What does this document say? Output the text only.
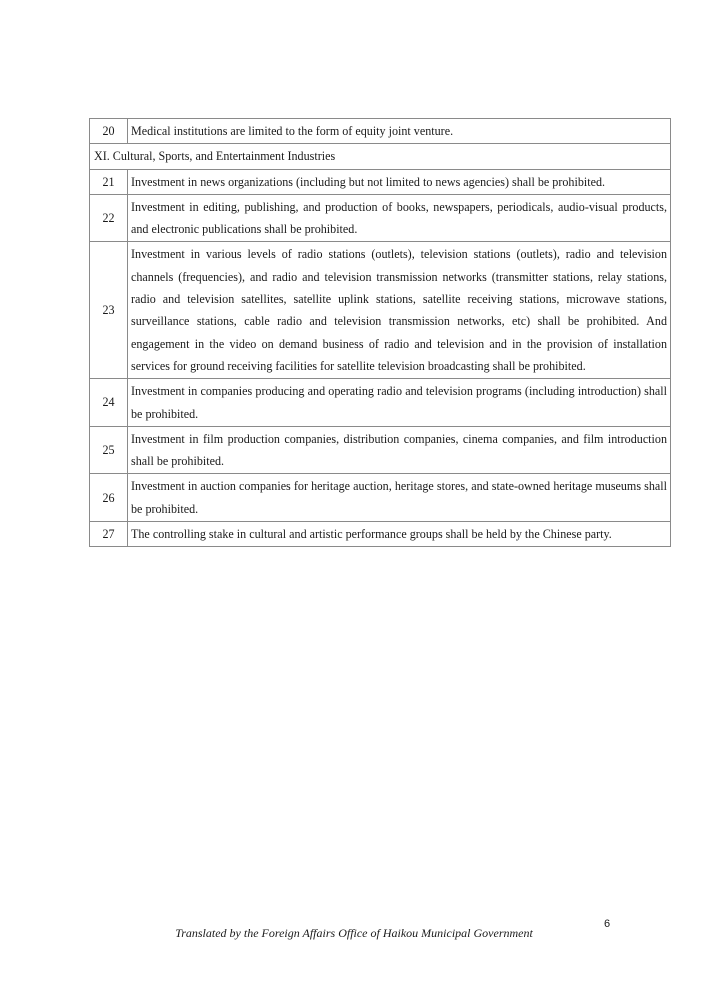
20	Medical institutions are limited to the form of equity joint venture.
XI. Cultural, Sports, and Entertainment Industries	
21	Investment in news organizations (including but not limited to news agencies) shall be prohibited.
22	Investment in editing, publishing, and production of books, newspapers, periodicals, audio-visual products, and electronic publications shall be prohibited.
23	Investment in various levels of radio stations (outlets), television stations (outlets), radio and television channels (frequencies), and radio and television transmission networks (transmitter stations, relay stations, radio and television satellites, satellite uplink stations, satellite receiving stations, microwave stations, surveillance stations, cable radio and television transmission networks, etc) shall be prohibited. And engagement in the video on demand business of radio and television and in the provision of installation services for ground receiving facilities for satellite television broadcasting shall be prohibited.
24	Investment in companies producing and operating radio and television programs (including introduction) shall be prohibited.
25	Investment in film production companies, distribution companies, cinema companies, and film introduction shall be prohibited.
26	Investment in auction companies for heritage auction, heritage stores, and state-owned heritage museums shall be prohibited.
27	The controlling stake in cultural and artistic performance groups shall be held by the Chinese party.
6
Translated by the Foreign Affairs Office of Haikou Municipal Government
